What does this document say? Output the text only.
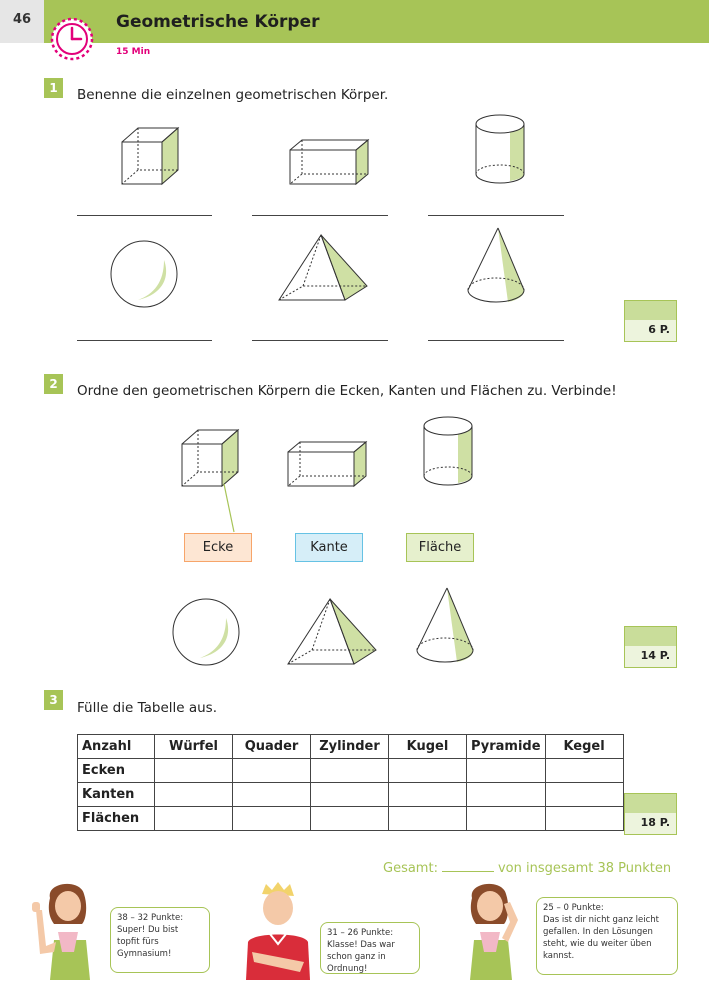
46	Geometrische Körper
15 Min
1	Benenne die einzelnen geometrischen Körper.
6 P.
2	Ordne den geometrischen Körpern die Ecken, Kanten und Flächen zu. Verbinde!
Ecke	Kante	Fläche
14 P.
3	Fülle die Tabelle aus.
Anzahl	Würfel	Quader	Zylinder	Kugel	Pyramide	Kegel
Ecken						
Kanten						
Flächen							18 P.
Gesamt:	von insgesamt 38 Punkten
38 – 32 Punkte:
Super! Du bist topfit fürs Gymnasium!
31 – 26 Punkte:
Klasse! Das war schon ganz in Ordnung!
25 – 0 Punkte:
Das ist dir nicht ganz leicht gefallen. In den Lösungen steht, wie du weiter üben kannst.
